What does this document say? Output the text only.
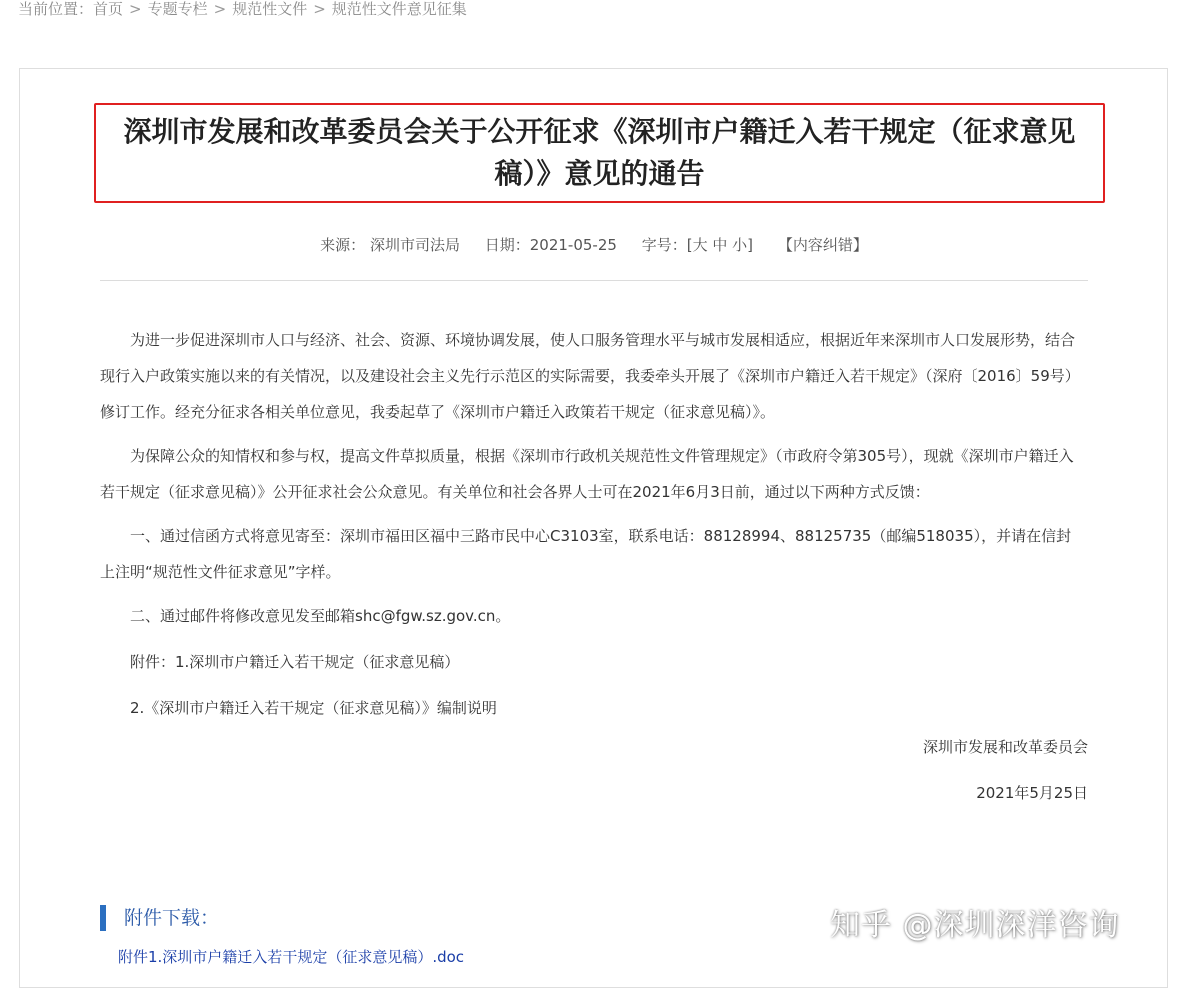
当前位置：首页 > 专题专栏 > 规范性文件 > 规范性文件意见征集
深圳市发展和改革委员会关于公开征求《深圳市户籍迁入若干规定（征求意见稿）》意见的通告
来源： 深圳市司法局 日期：2021-05-25 字号：[大 中 小] 【内容纠错】

为进一步促进深圳市人口与经济、社会、资源、环境协调发展，使人口服务管理水平与城市发展相适应，根据近年来深圳市人口发展形势，结合现行入户政策实施以来的有关情况，以及建设社会主义先行示范区的实际需要，我委牵头开展了《深圳市户籍迁入若干规定》（深府〔2016〕59号）修订工作。经充分征求各相关单位意见，我委起草了《深圳市户籍迁入政策若干规定（征求意见稿）》。

为保障公众的知情权和参与权，提高文件草拟质量，根据《深圳市行政机关规范性文件管理规定》（市政府令第305号），现就《深圳市户籍迁入若干规定（征求意见稿）》公开征求社会公众意见。有关单位和社会各界人士可在2021年6月3日前，通过以下两种方式反馈：

一、通过信函方式将意见寄至：深圳市福田区福中三路市民中心C3103室，联系电话：88128994、88125735（邮编518035），并请在信封上注明“规范性文件征求意见”字样。

二、通过邮件将修改意见发至邮箱shc@fgw.sz.gov.cn。

附件：1.深圳市户籍迁入若干规定（征求意见稿）

2.《深圳市户籍迁入若干规定（征求意见稿）》编制说明

深圳市发展和改革委员会
2021年5月25日
附件下载：
附件1.深圳市户籍迁入若干规定（征求意见稿）.doc
知乎 @深圳深洋咨询
